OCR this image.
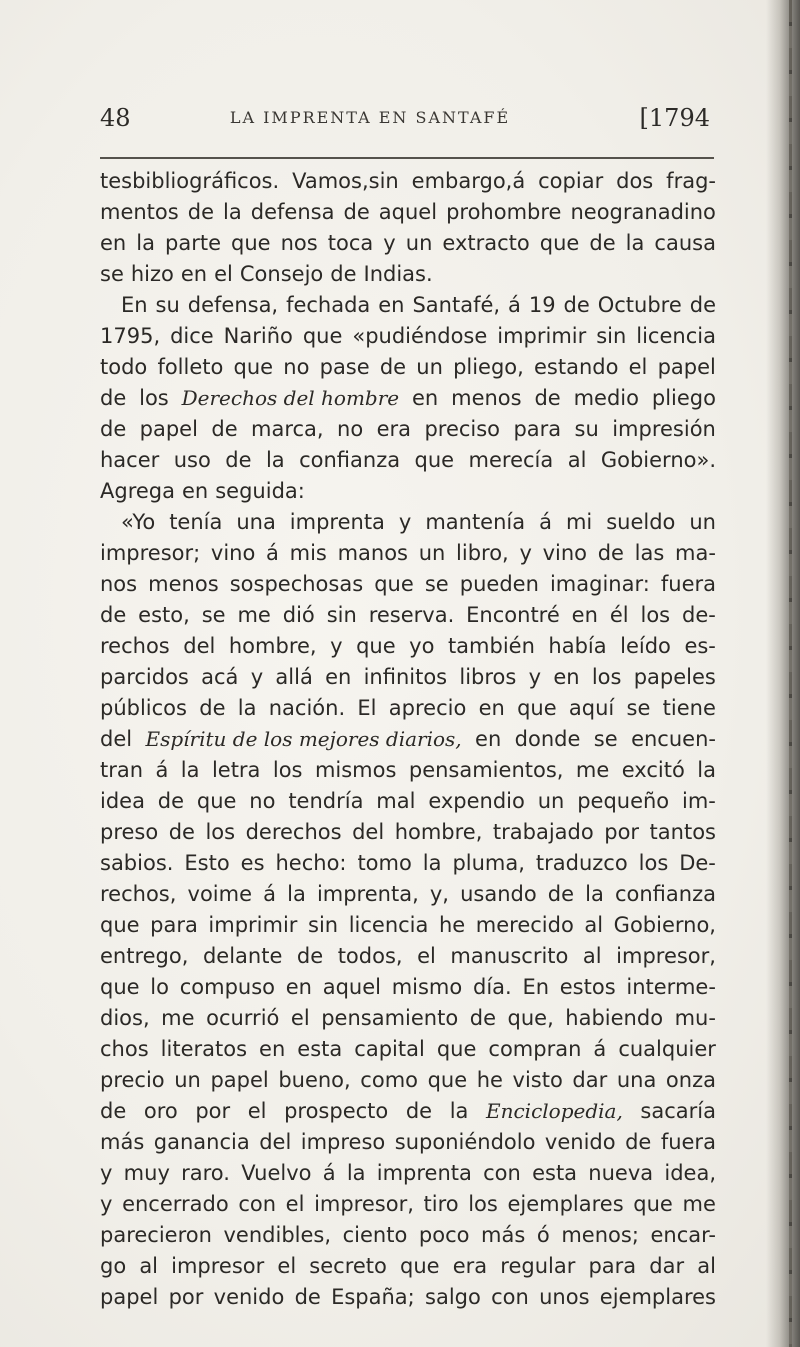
48	LA IMPRENTA EN SANTAFÉ	[1794
tesbibliográficos. Vamos,sin embargo,á copiar dos frag-
mentos de la defensa de aquel prohombre neogranadino
en la parte que nos toca y un extracto que de la causa
se hizo en el Consejo de Indias.
En su defensa, fechada en Santafé, á 19 de Octubre de
1795, dice Nariño que «pudiéndose imprimir sin licencia
todo folleto que no pase de un pliego, estando el papel
de los Derechos del hombre en menos de medio pliego
de papel de marca, no era preciso para su impresión
hacer uso de la confianza que merecía al Gobierno».
Agrega en seguida:
«Yo tenía una imprenta y mantenía á mi sueldo un
impresor; vino á mis manos un libro, y vino de las ma-
nos menos sospechosas que se pueden imaginar: fuera
de esto, se me dió sin reserva. Encontré en él los de-
rechos del hombre, y que yo también había leído es-
parcidos acá y allá en infinitos libros y en los papeles
públicos de la nación. El aprecio en que aquí se tiene
del Espíritu de los mejores diarios, en donde se encuen-
tran á la letra los mismos pensamientos, me excitó la
idea de que no tendría mal expendio un pequeño im-
preso de los derechos del hombre, trabajado por tantos
sabios. Esto es hecho: tomo la pluma, traduzco los De-
rechos, voime á la imprenta, y, usando de la confianza
que para imprimir sin licencia he merecido al Gobierno,
entrego, delante de todos, el manuscrito al impresor,
que lo compuso en aquel mismo día. En estos interme-
dios, me ocurrió el pensamiento de que, habiendo mu-
chos literatos en esta capital que compran á cualquier
precio un papel bueno, como que he visto dar una onza
de oro por el prospecto de la Enciclopedia, sacaría
más ganancia del impreso suponiéndolo venido de fuera
y muy raro. Vuelvo á la imprenta con esta nueva idea,
y encerrado con el impresor, tiro los ejemplares que me
parecieron vendibles, ciento poco más ó menos; encar-
go al impresor el secreto que era regular para dar al
papel por venido de España; salgo con unos ejemplares
